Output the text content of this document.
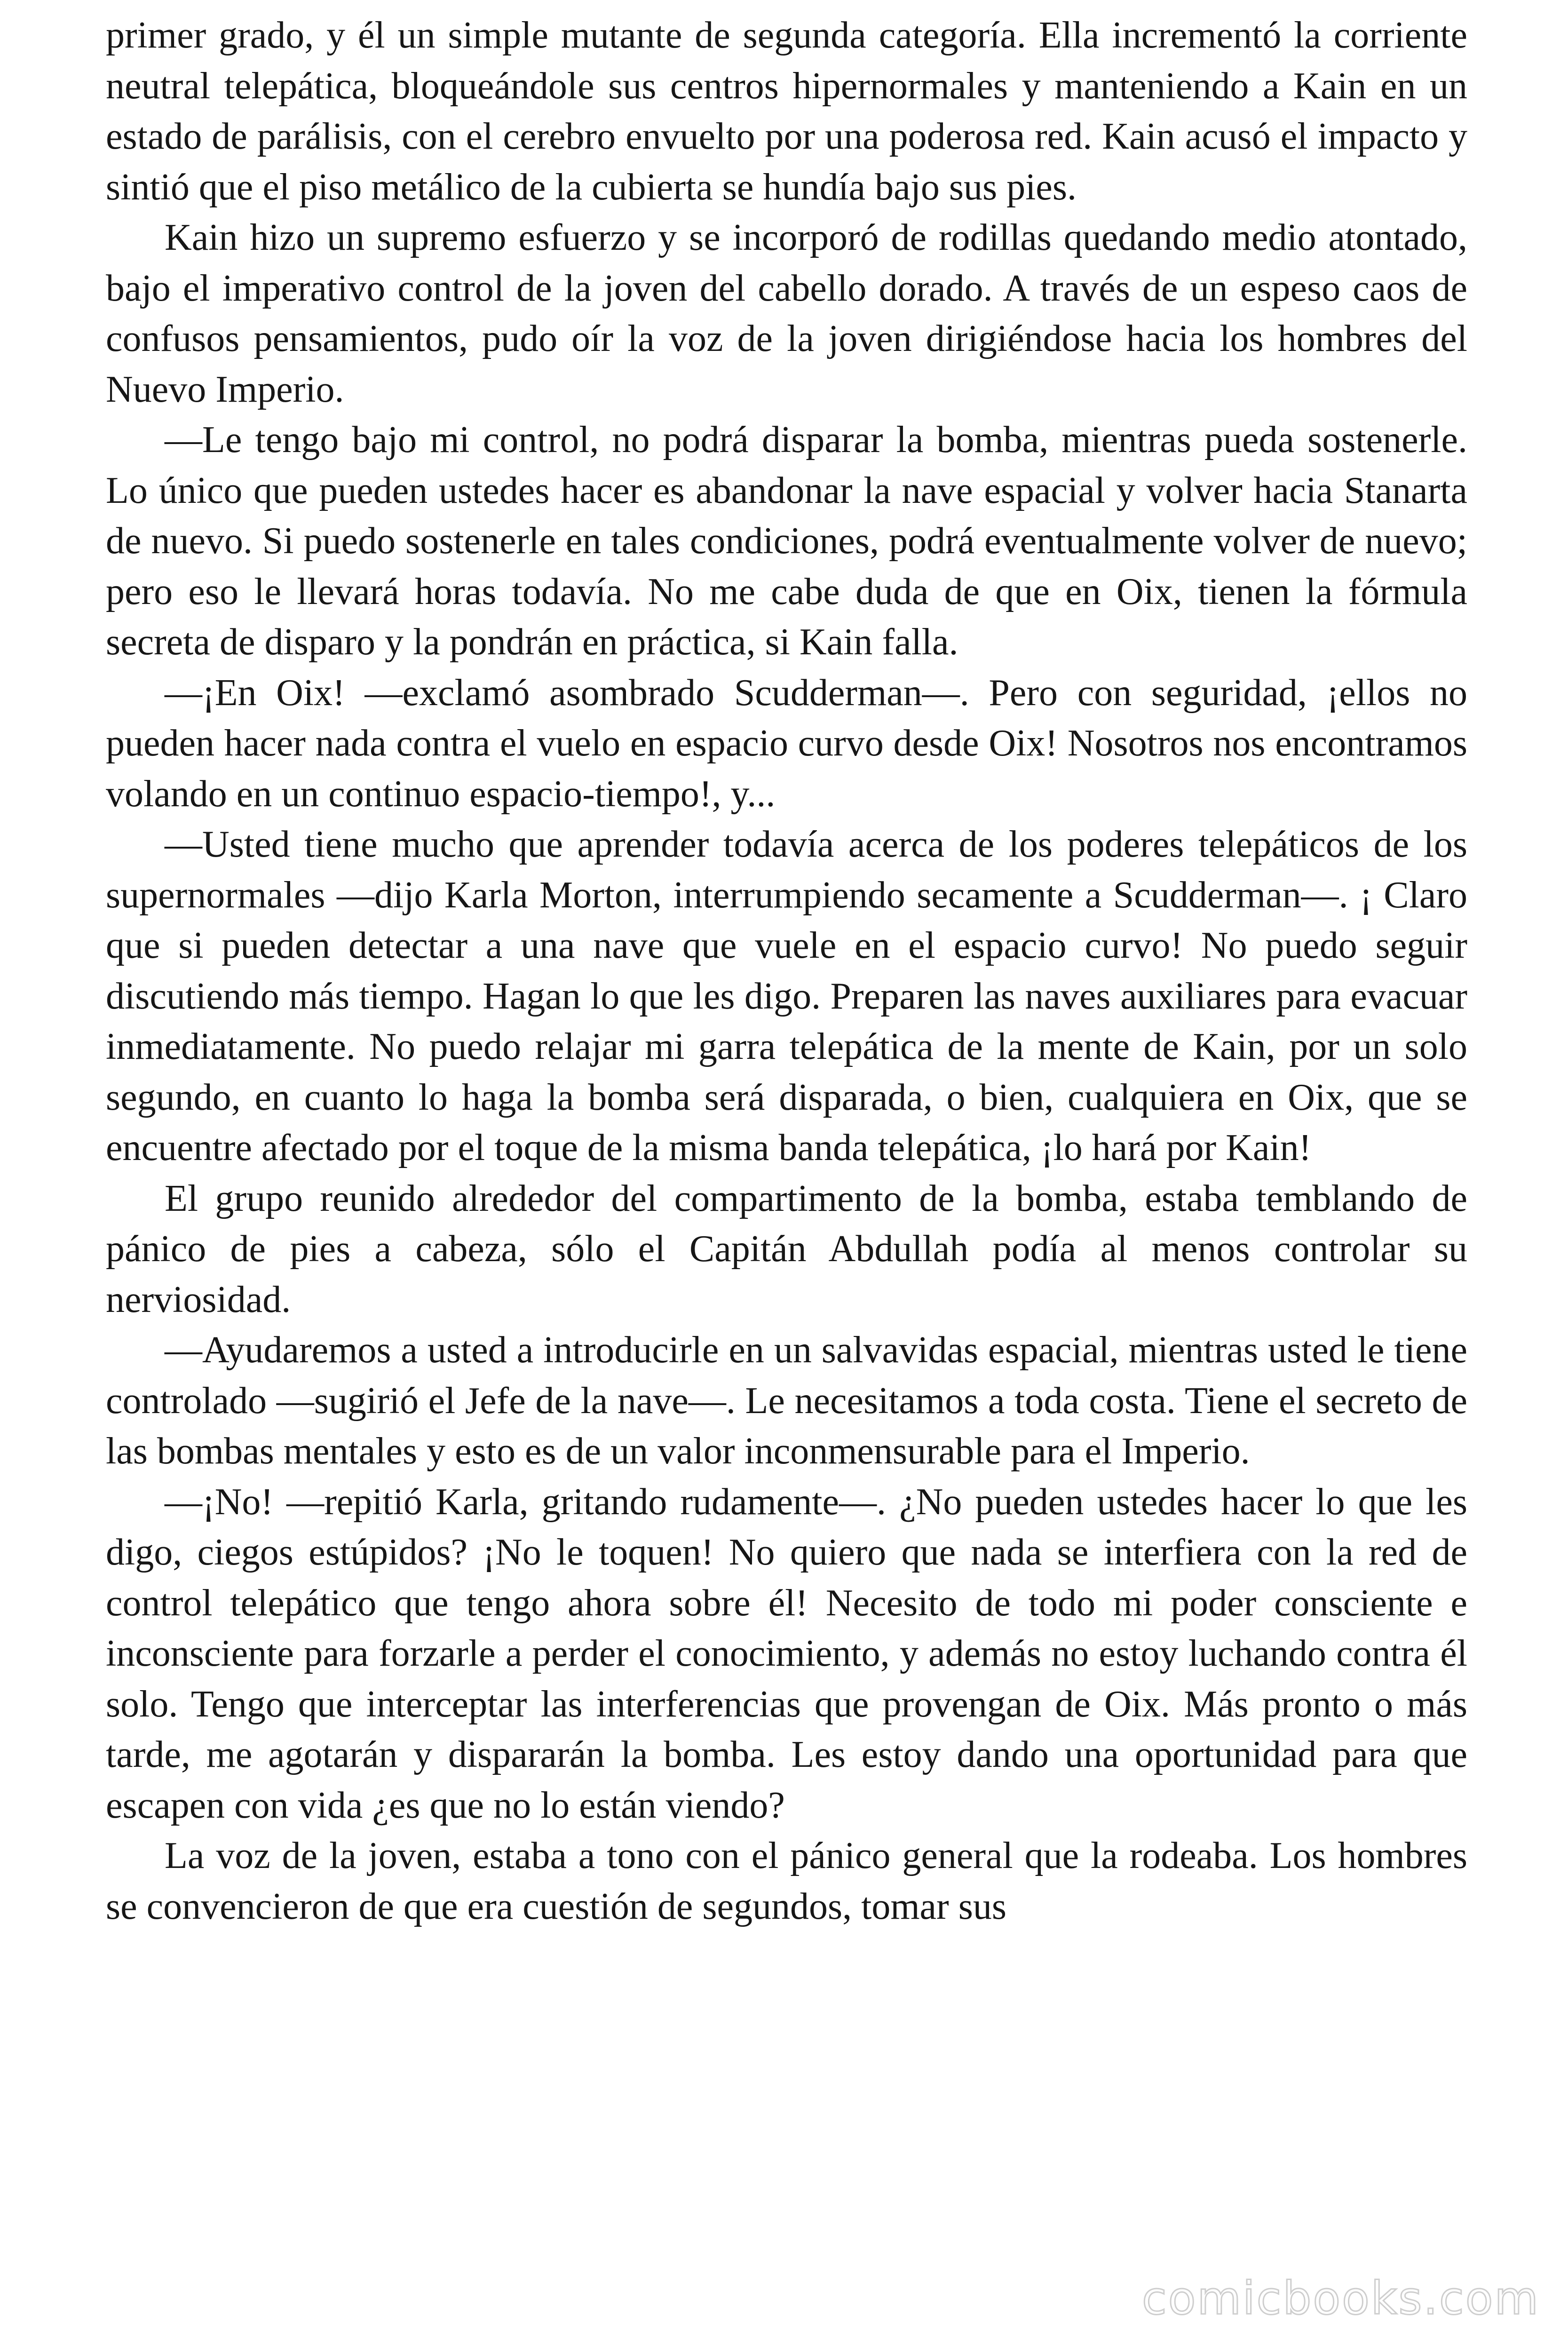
primer grado, y él un simple mutante de segunda categoría. Ella incrementó la corriente neutral telepática, bloqueándole sus centros hipernormales y manteniendo a Kain en un estado de parálisis, con el cerebro envuelto por una poderosa red. Kain acusó el impacto y sintió que el piso metálico de la cubierta se hundía bajo sus pies.

Kain hizo un supremo esfuerzo y se incorporó de rodillas quedando medio atontado, bajo el imperativo control de la joven del cabello dorado. A través de un espeso caos de confusos pensamientos, pudo oír la voz de la joven dirigiéndose hacia los hombres del Nuevo Imperio.

—Le tengo bajo mi control, no podrá disparar la bomba, mientras pueda sostenerle. Lo único que pueden ustedes hacer es abandonar la nave espacial y volver hacia Stanarta de nuevo. Si puedo sostenerle en tales condiciones, podrá eventualmente volver de nuevo; pero eso le llevará horas todavía. No me cabe duda de que en Oix, tienen la fórmula secreta de disparo y la pondrán en práctica, si Kain falla.

—¡En Oix! —exclamó asombrado Scudderman—. Pero con seguridad, ¡ellos no pueden hacer nada contra el vuelo en espacio curvo desde Oix! Nosotros nos encontramos volando en un continuo espacio-tiempo!, y...

—Usted tiene mucho que aprender todavía acerca de los poderes telepáticos de los supernormales —dijo Karla Morton, interrumpiendo secamente a Scudderman—. ¡ Claro que si pueden detectar a una nave que vuele en el espacio curvo! No puedo seguir discutiendo más tiempo. Hagan lo que les digo. Preparen las naves auxiliares para evacuar inmediatamente. No puedo relajar mi garra telepática de la mente de Kain, por un solo segundo, en cuanto lo haga la bomba será disparada, o bien, cualquiera en Oix, que se encuentre afectado por el toque de la misma banda telepática, ¡lo hará por Kain!

El grupo reunido alrededor del compartimento de la bomba, estaba temblando de pánico de pies a cabeza, sólo el Capitán Abdullah podía al menos controlar su nerviosidad.

—Ayudaremos a usted a introducirle en un salvavidas espacial, mientras usted le tiene controlado —sugirió el Jefe de la nave—. Le necesitamos a toda costa. Tiene el secreto de las bombas mentales y esto es de un valor inconmensurable para el Imperio.

—¡No! —repitió Karla, gritando rudamente—. ¿No pueden ustedes hacer lo que les digo, ciegos estúpidos? ¡No le toquen! No quiero que nada se interfiera con la red de control telepático que tengo ahora sobre él! Necesito de todo mi poder consciente e inconsciente para forzarle a perder el conocimiento, y además no estoy luchando contra él solo. Tengo que interceptar las interferencias que provengan de Oix. Más pronto o más tarde, me agotarán y dispararán la bomba. Les estoy dando una oportunidad para que escapen con vida ¿es que no lo están viendo?

La voz de la joven, estaba a tono con el pánico general que la rodeaba. Los hombres se convencieron de que era cuestión de segundos, tomar sus

comicbooks.com
